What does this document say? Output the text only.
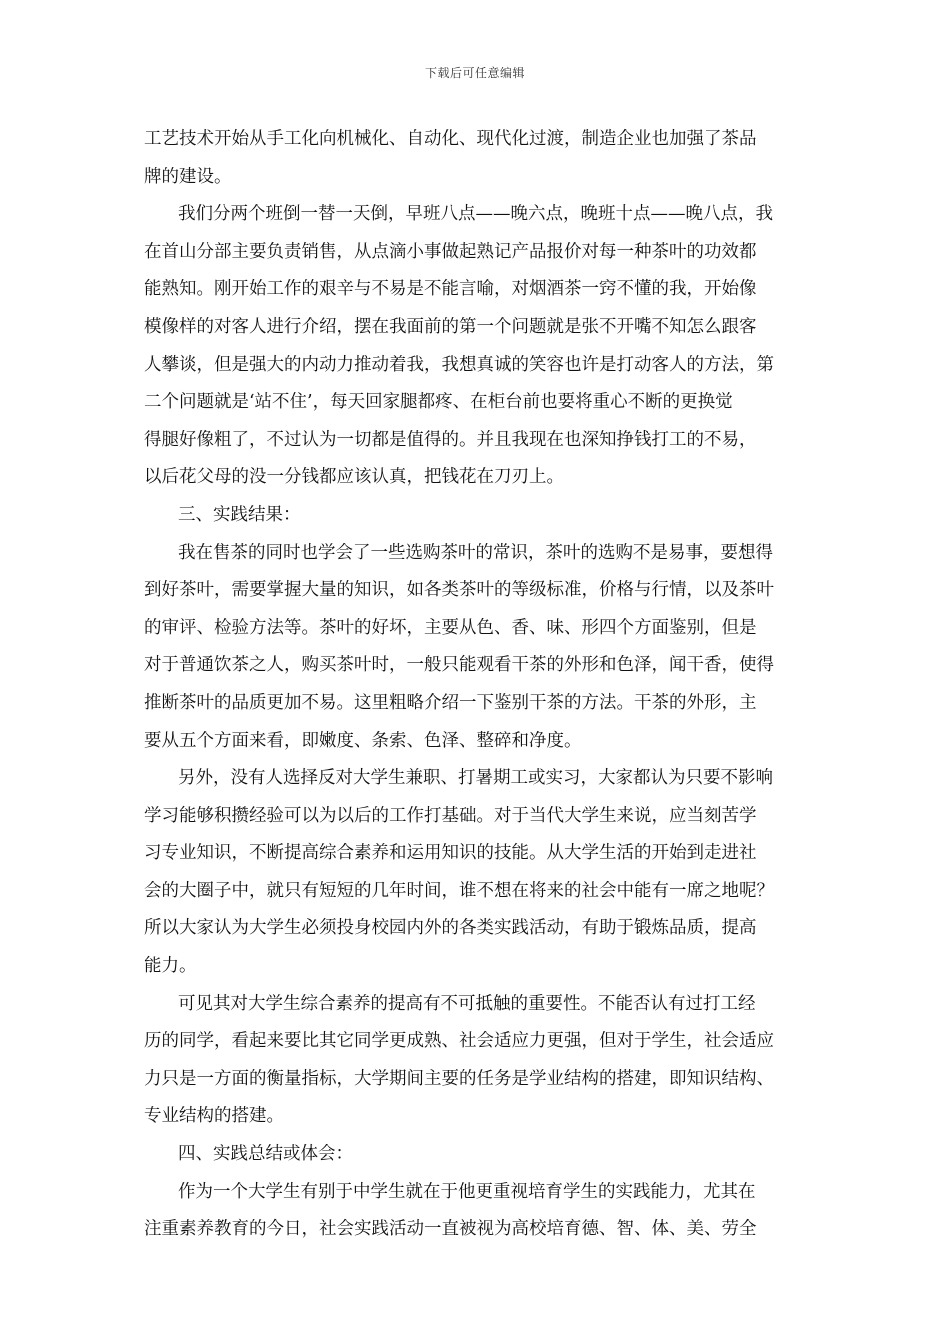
下载后可任意编辑
工艺技术开始从手工化向机械化、自动化、现代化过渡，制造企业也加强了茶品
牌的建设。
我们分两个班倒一替一天倒，早班八点——晚六点，晚班十点——晚八点，我
在首山分部主要负责销售，从点滴小事做起熟记产品报价对每一种茶叶的功效都
能熟知。刚开始工作的艰辛与不易是不能言喻，对烟酒茶一窍不懂的我，开始像
模像样的对客人进行介绍，摆在我面前的第一个问题就是张不开嘴不知怎么跟客
人攀谈，但是强大的内动力推动着我，我想真诚的笑容也许是打动客人的方法，第
二个问题就是‘站不住’，每天回家腿都疼、在柜台前也要将重心不断的更换觉
得腿好像粗了，不过认为一切都是值得的。并且我现在也深知挣钱打工的不易，
以后花父母的没一分钱都应该认真，把钱花在刀刃上。
三、实践结果：
我在售茶的同时也学会了一些选购茶叶的常识，茶叶的选购不是易事，要想得
到好茶叶，需要掌握大量的知识，如各类茶叶的等级标准，价格与行情，以及茶叶
的审评、检验方法等。茶叶的好坏，主要从色、香、味、形四个方面鉴别，但是
对于普通饮茶之人，购买茶叶时，一般只能观看干茶的外形和色泽，闻干香，使得
推断茶叶的品质更加不易。这里粗略介绍一下鉴别干茶的方法。干茶的外形，主
要从五个方面来看，即嫩度、条索、色泽、整碎和净度。
另外，没有人选择反对大学生兼职、打暑期工或实习，大家都认为只要不影响
学习能够积攒经验可以为以后的工作打基础。对于当代大学生来说，应当刻苦学
习专业知识，不断提高综合素养和运用知识的技能。从大学生活的开始到走进社
会的大圈子中，就只有短短的几年时间，谁不想在将来的社会中能有一席之地呢？
所以大家认为大学生必须投身校园内外的各类实践活动，有助于锻炼品质，提高
能力。
可见其对大学生综合素养的提高有不可抵触的重要性。不能否认有过打工经
历的同学，看起来要比其它同学更成熟、社会适应力更强，但对于学生，社会适应
力只是一方面的衡量指标，大学期间主要的任务是学业结构的搭建，即知识结构、
专业结构的搭建。
四、实践总结或体会：
作为一个大学生有别于中学生就在于他更重视培育学生的实践能力，尤其在
注重素养教育的今日，社会实践活动一直被视为高校培育德、智、体、美、劳全
